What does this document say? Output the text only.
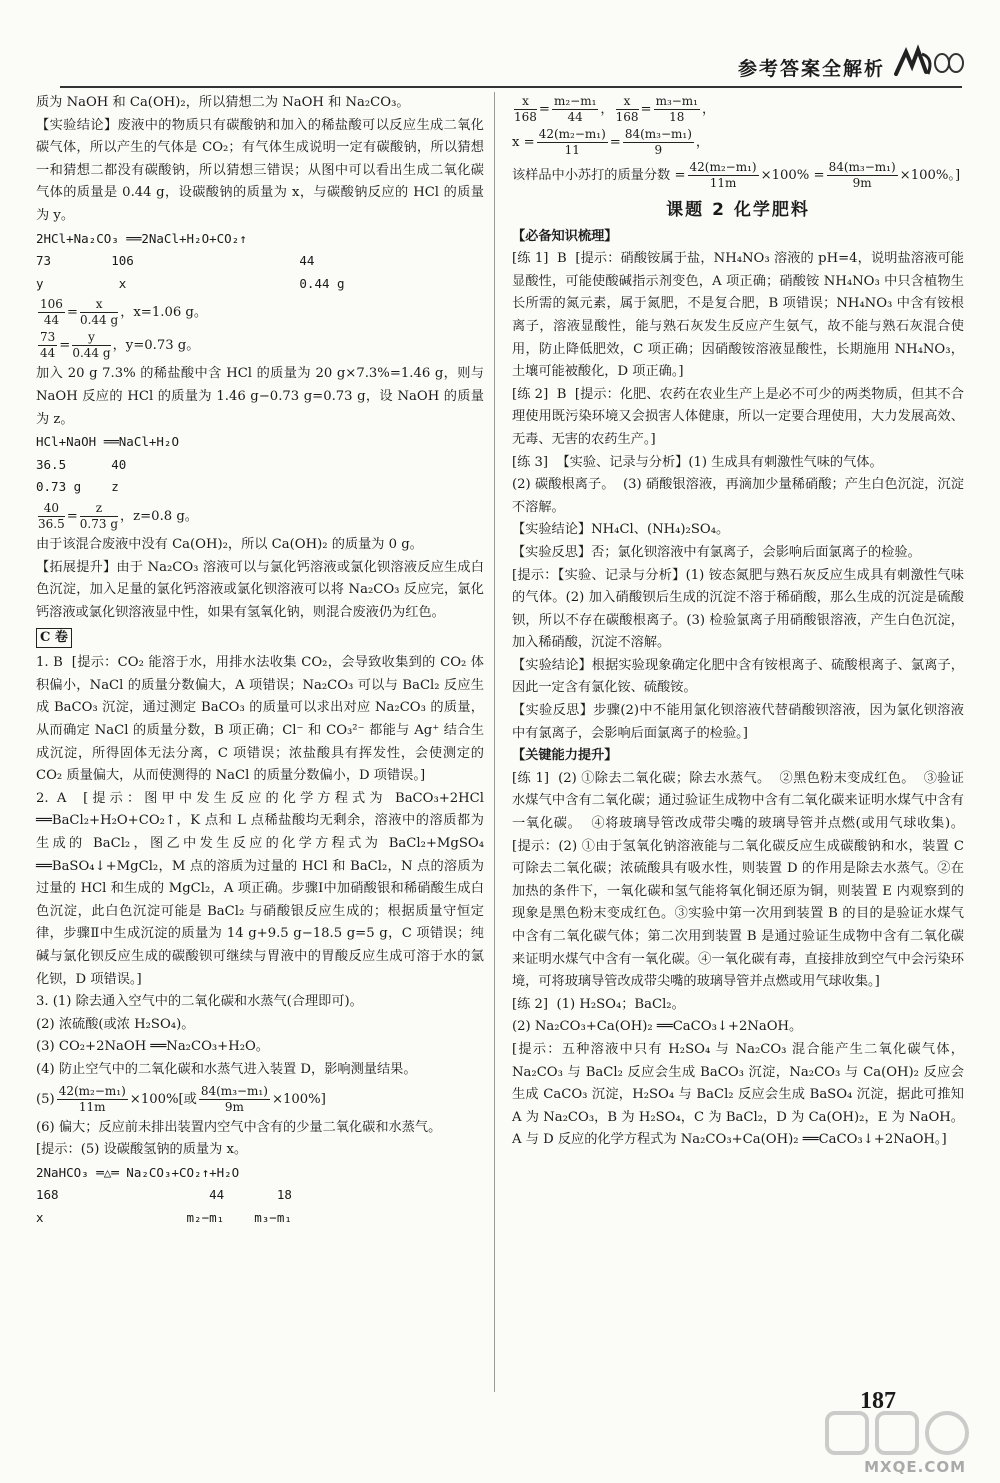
参考答案全解析

质为 NaOH 和 Ca(OH)₂，所以猜想二为 NaOH 和 Na₂CO₃。

【实验结论】废液中的物质只有碳酸钠和加入的稀盐酸可以反应生成二氧化碳气体，所以产生的气体是 CO₂；有气体生成说明一定有碳酸钠，所以猜想一和猜想二都没有碳酸钠，所以猜想三错误；从图中可以看出生成二氧化碳气体的质量是 0.44 g，设碳酸钠的质量为 x，与碳酸钠反应的 HCl 的质量为 y。

2HCl+Na₂CO₃ ══2NaCl+H₂O+CO₂↑
73        106                      44
y          x                       0.44 g
$\frac{106}{44} = \frac{x}{0.44 g}$ ，x=1.06 g。
$\frac{73}{44} = \frac{y}{0.44 g}$ ，y=0.73 g。

加入 20 g 7.3% 的稀盐酸中含 HCl 的质量为 20 g×7.3%=1.46 g，则与 NaOH 反应的 HCl 的质量为 1.46 g−0.73 g=0.73 g，设 NaOH 的质量为 z。

HCl+NaOH ══NaCl+H₂O
36.5      40
0.73 g    z
$\frac{40}{36.5} = \frac{z}{0.73 g}$ ，z=0.8 g。

由于该混合废液中没有 Ca(OH)₂，所以 Ca(OH)₂ 的质量为 0 g。

【拓展提升】由于 Na₂CO₃ 溶液可以与氯化钙溶液或氯化钡溶液反应生成白色沉淀，加入足量的氯化钙溶液或氯化钡溶液可以将 Na₂CO₃ 反应完，氯化钙溶液或氯化钡溶液显中性，如果有氢氧化钠，则混合废液仍为红色。

C 卷

1. B  [提示：CO₂ 能溶于水，用排水法收集 CO₂，会导致收集到的 CO₂ 体积偏小，NaCl 的质量分数偏大，A 项错误；Na₂CO₃ 可以与 BaCl₂ 反应生成 BaCO₃ 沉淀，通过测定 BaCO₃ 的质量可以求出对应 Na₂CO₃ 的质量，从而确定 NaCl 的质量分数，B 项正确；Cl⁻ 和 CO₃²⁻ 都能与 Ag⁺ 结合生成沉淀，所得固体无法分离，C 项错误；浓盐酸具有挥发性，会使测定的 CO₂ 质量偏大，从而使测得的 NaCl 的质量分数偏小，D 项错误。]

2. A  [提示：图甲中发生反应的化学方程式为 BaCO₃+2HCl ══BaCl₂+H₂O+CO₂↑，K 点和 L 点稀盐酸均无剩余，溶液中的溶质都为生成的 BaCl₂，图乙中发生反应的化学方程式为 BaCl₂+MgSO₄ ══BaSO₄↓+MgCl₂，M 点的溶质为过量的 HCl 和 BaCl₂，N 点的溶质为过量的 HCl 和生成的 MgCl₂，A 项正确。步骤Ⅰ中加硝酸银和稀硝酸生成白色沉淀，此白色沉淀可能是 BaCl₂ 与硝酸银反应生成的；根据质量守恒定律，步骤Ⅱ中生成沉淀的质量为 14 g+9.5 g−18.5 g=5 g，C 项错误；纯碱与氯化钡反应生成的碳酸钡可继续与胃液中的胃酸反应生成可溶于水的氯化钡，D 项错误。]

3. (1) 除去通入空气中的二氧化碳和水蒸气(合理即可)。

(2) 浓硫酸(或浓 H₂SO₄)。

(3) CO₂+2NaOH ══Na₂CO₃+H₂O。

(4) 防止空气中的二氧化碳和水蒸气进入装置 D，影响测量结果。

$(5) \frac{\text{42(m₂−m₁)}}{11m} \times 100\%$[或 $\frac{\text{84(m₃−m₁)}}{9m} \times 100\%$]

(6) 偏大；反应前未排出装置内空气中含有的少量二氧化碳和水蒸气。

[提示：(5) 设碳酸氢钠的质量为 x。

2NaHCO₃ ═△═ Na₂CO₃+CO₂↑+H₂O
168                    44       18
x                   m₂−m₁    m₃−m₁
$\frac{x}{168} = \frac{\text{m₂−m₁}}{44}$ ， $\frac{x}{168} = \frac{\text{m₃−m₁}}{18}$ ，
$x = \frac{\text{42(m₂−m₁)}}{11} = \frac{\text{84(m₃−m₁)}}{9}$ ，
该样品中小苏打的质量分数 = $\frac{\text{42(m₂−m₁)}}{11m} \times 100\% = \frac{\text{84(m₃−m₁)}}{9m} \times 100\%$。]
课题 2 化学肥料
【必备知识梳理】

[练 1]  B  [提示：硝酸铵属于盐，NH₄NO₃ 溶液的 pH=4，说明盐溶液可能显酸性，可能使酸碱指示剂变色，A 项正确；硝酸铵 NH₄NO₃ 中只含植物生长所需的氮元素，属于氮肥，不是复合肥，B 项错误；NH₄NO₃ 中含有铵根离子，溶液显酸性，能与熟石灰发生反应产生氨气，故不能与熟石灰混合使用，防止降低肥效，C 项正确；因硝酸铵溶液显酸性，长期施用 NH₄NO₃，土壤可能被酸化，D 项正确。]

[练 2]  B  [提示：化肥、农药在农业生产上是必不可少的两类物质，但其不合理使用既污染环境又会损害人体健康，所以一定要合理使用，大力发展高效、无毒、无害的农药生产。]

[练 3]  【实验、记录与分析】(1) 生成具有刺激性气味的气体。

(2) 碳酸根离子。  (3) 硝酸银溶液，再滴加少量稀硝酸；产生白色沉淀，沉淀不溶解。

【实验结论】NH₄Cl、(NH₄)₂SO₄。

【实验反思】否；氯化钡溶液中有氯离子，会影响后面氯离子的检验。

[提示：【实验、记录与分析】(1) 铵态氮肥与熟石灰反应生成具有刺激性气味的气体。(2) 加入硝酸钡后生成的沉淀不溶于稀硝酸，那么生成的沉淀是硫酸钡，所以不存在碳酸根离子。(3) 检验氯离子用硝酸银溶液，产生白色沉淀，加入稀硝酸，沉淀不溶解。

【实验结论】根据实验现象确定化肥中含有铵根离子、硫酸根离子、氯离子，因此一定含有氯化铵、硫酸铵。

【实验反思】步骤(2)中不能用氯化钡溶液代替硝酸钡溶液，因为氯化钡溶液中有氯离子，会影响后面氯离子的检验。]

【关键能力提升】

[练 1]  (2) ①除去二氧化碳；除去水蒸气。  ②黑色粉末变成红色。  ③验证水煤气中含有二氧化碳；通过验证生成物中含有二氧化碳来证明水煤气中含有一氧化碳。  ④将玻璃导管改成带尖嘴的玻璃导管并点燃(或用气球收集)。  [提示：(2) ①由于氢氧化钠溶液能与二氧化碳反应生成碳酸钠和水，装置 C 可除去二氧化碳；浓硫酸具有吸水性，则装置 D 的作用是除去水蒸气。②在加热的条件下，一氧化碳和氢气能将氧化铜还原为铜，则装置 E 内观察到的现象是黑色粉末变成红色。③实验中第一次用到装置 B 的目的是验证水煤气中含有二氧化碳气体；第二次用到装置 B 是通过验证生成物中含有二氧化碳来证明水煤气中含有一氧化碳。④一氧化碳有毒，直接排放到空气中会污染环境，可将玻璃导管改成带尖嘴的玻璃导管并点燃或用气球收集。]

[练 2]  (1) H₂SO₄；BaCl₂。

(2) Na₂CO₃+Ca(OH)₂ ══CaCO₃↓+2NaOH。

[提示：五种溶液中只有 H₂SO₄ 与 Na₂CO₃ 混合能产生二氧化碳气体，Na₂CO₃ 与 BaCl₂ 反应会生成 BaCO₃ 沉淀，Na₂CO₃ 与 Ca(OH)₂ 反应会生成 CaCO₃ 沉淀，H₂SO₄ 与 BaCl₂ 反应会生成 BaSO₄ 沉淀，据此可推知 A 为 Na₂CO₃，B 为 H₂SO₄，C 为 BaCl₂，D 为 Ca(OH)₂，E 为 NaOH。A 与 D 反应的化学方程式为 Na₂CO₃+Ca(OH)₂ ══CaCO₃↓+2NaOH。]

187
MXQE.COM
